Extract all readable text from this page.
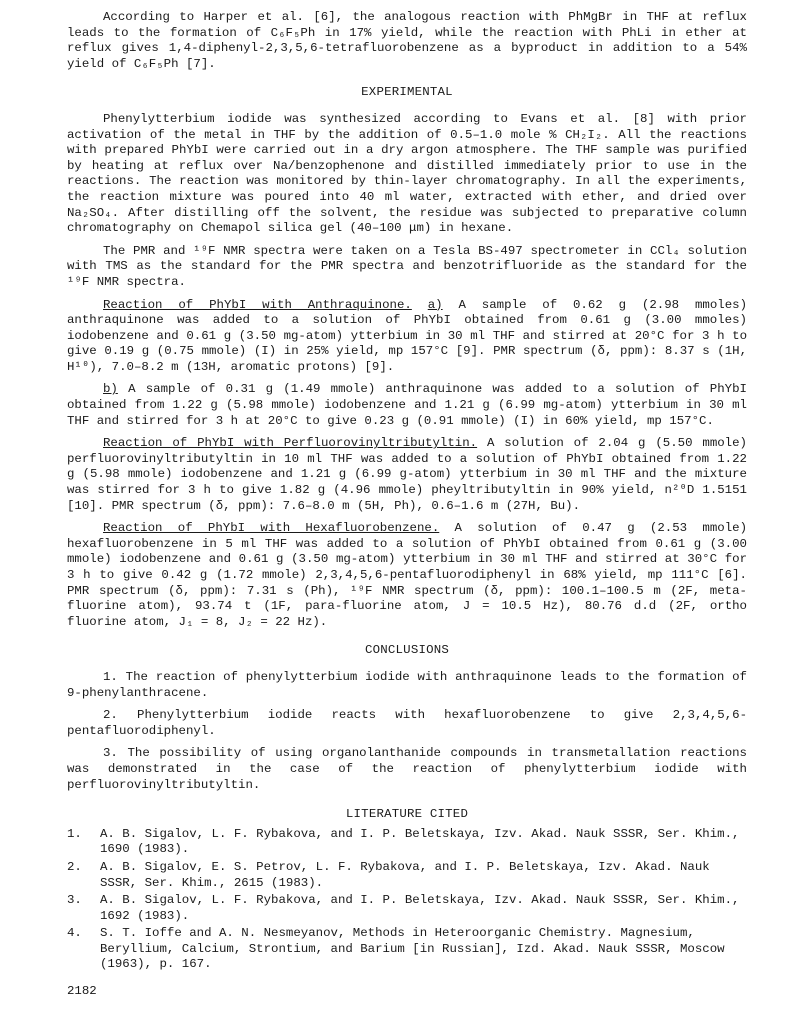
According to Harper et al. [6], the analogous reaction with PhMgBr in THF at reflux leads to the formation of C₆F₅Ph in 17% yield, while the reaction with PhLi in ether at reflux gives 1,4-diphenyl-2,3,5,6-tetrafluorobenzene as a byproduct in addition to a 54% yield of C₆F₅Ph [7].

EXPERIMENTAL

Phenylytterbium iodide was synthesized according to Evans et al. [8] with prior activation of the metal in THF by the addition of 0.5–1.0 mole % CH₂I₂. All the reactions with prepared PhYbI were carried out in a dry argon atmosphere. The THF sample was purified by heating at reflux over Na/benzophenone and distilled immediately prior to use in the reactions. The reaction was monitored by thin-layer chromatography. In all the experiments, the reaction mixture was poured into 40 ml water, extracted with ether, and dried over Na₂SO₄. After distilling off the solvent, the residue was subjected to preparative column chromatography on Chemapol silica gel (40–100 μm) in hexane.

The PMR and ¹⁹F NMR spectra were taken on a Tesla BS-497 spectrometer in CCl₄ solution with TMS as the standard for the PMR spectra and benzotrifluoride as the standard for the ¹⁹F NMR spectra.

Reaction of PhYbI with Anthraquinone. a) A sample of 0.62 g (2.98 mmoles) anthraquinone was added to a solution of PhYbI obtained from 0.61 g (3.00 mmoles) iodobenzene and 0.61 g (3.50 mg-atom) ytterbium in 30 ml THF and stirred at 20°C for 3 h to give 0.19 g (0.75 mmole) (I) in 25% yield, mp 157°C [9]. PMR spectrum (δ, ppm): 8.37 s (1H, H¹⁰), 7.0–8.2 m (13H, aromatic protons) [9].

b) A sample of 0.31 g (1.49 mmole) anthraquinone was added to a solution of PhYbI obtained from 1.22 g (5.98 mmole) iodobenzene and 1.21 g (6.99 mg-atom) ytterbium in 30 ml THF and stirred for 3 h at 20°C to give 0.23 g (0.91 mmole) (I) in 60% yield, mp 157°C.

Reaction of PhYbI with Perfluorovinyltributyltin. A solution of 2.04 g (5.50 mmole) perfluorovinyltributyltin in 10 ml THF was added to a solution of PhYbI obtained from 1.22 g (5.98 mmole) iodobenzene and 1.21 g (6.99 g-atom) ytterbium in 30 ml THF and the mixture was stirred for 3 h to give 1.82 g (4.96 mmole) pheyltributyltin in 90% yield, n²⁰D 1.5151 [10]. PMR spectrum (δ, ppm): 7.6–8.0 m (5H, Ph), 0.6–1.6 m (27H, Bu).

Reaction of PhYbI with Hexafluorobenzene. A solution of 0.47 g (2.53 mmole) hexafluorobenzene in 5 ml THF was added to a solution of PhYbI obtained from 0.61 g (3.00 mmole) iodobenzene and 0.61 g (3.50 mg-atom) ytterbium in 30 ml THF and stirred at 30°C for 3 h to give 0.42 g (1.72 mmole) 2,3,4,5,6-pentafluorodiphenyl in 68% yield, mp 111°C [6]. PMR spectrum (δ, ppm): 7.31 s (Ph), ¹⁹F NMR spectrum (δ, ppm): 100.1–100.5 m (2F, meta-fluorine atom), 93.74 t (1F, para-fluorine atom, J = 10.5 Hz), 80.76 d.d (2F, ortho fluorine atom, J₁ = 8, J₂ = 22 Hz).

CONCLUSIONS

1. The reaction of phenylytterbium iodide with anthraquinone leads to the formation of 9-phenylanthracene.

2. Phenylytterbium iodide reacts with hexafluorobenzene to give 2,3,4,5,6-pentafluorodiphenyl.

3. The possibility of using organolanthanide compounds in transmetallation reactions was demonstrated in the case of the reaction of phenylytterbium iodide with perfluorovinyltributyltin.

LITERATURE CITED
1. A. B. Sigalov, L. F. Rybakova, and I. P. Beletskaya, Izv. Akad. Nauk SSSR, Ser. Khim., 1690 (1983).
2. A. B. Sigalov, E. S. Petrov, L. F. Rybakova, and I. P. Beletskaya, Izv. Akad. Nauk SSSR, Ser. Khim., 2615 (1983).
3. A. B. Sigalov, L. F. Rybakova, and I. P. Beletskaya, Izv. Akad. Nauk SSSR, Ser. Khim., 1692 (1983).
4. S. T. Ioffe and A. N. Nesmeyanov, Methods in Heteroorganic Chemistry. Magnesium, Beryllium, Calcium, Strontium, and Barium [in Russian], Izd. Akad. Nauk SSSR, Moscow (1963), p. 167.
2182
